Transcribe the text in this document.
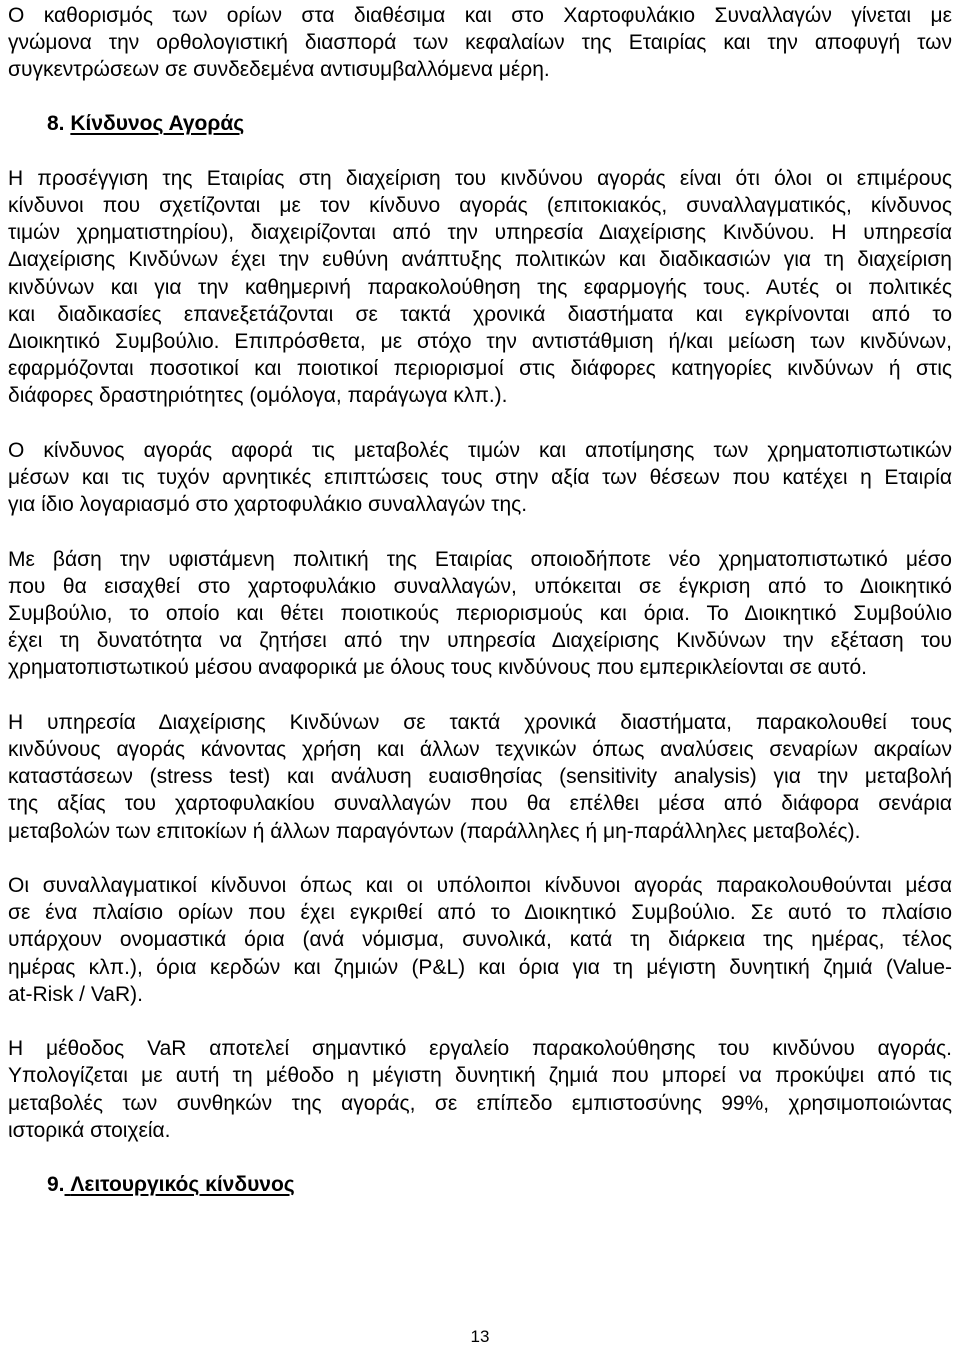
Ο καθορισμός των ορίων στα διαθέσιμα και στο Χαρτοφυλάκιο Συναλλαγών γίνεται με
γνώμονα την ορθολογιστική διασπορά των κεφαλαίων της Εταιρίας και την αποφυγή των
συγκεντρώσεων σε συνδεδεμένα αντισυμβαλλόμενα μέρη.
8. Κίνδυνος Αγοράς
Η προσέγγιση της Εταιρίας στη διαχείριση του κινδύνου αγοράς είναι ότι όλοι οι επιμέρους
κίνδυνοι που σχετίζονται με τον κίνδυνο αγοράς (επιτοκιακός, συναλλαγματικός, κίνδυνος
τιμών χρηματιστηρίου), διαχειρίζονται από την υπηρεσία Διαχείρισης Κινδύνου. Η υπηρεσία
Διαχείρισης Κινδύνων έχει την ευθύνη ανάπτυξης πολιτικών και διαδικασιών για τη διαχείριση
κινδύνων και για την καθημερινή παρακολούθηση της εφαρμογής τους. Αυτές οι πολιτικές
και διαδικασίες επανεξετάζονται σε τακτά χρονικά διαστήματα και εγκρίνονται από το
Διοικητικό Συμβούλιο. Επιπρόσθετα, με στόχο την αντιστάθμιση ή/και μείωση των κινδύνων,
εφαρμόζονται ποσοτικοί και ποιοτικοί περιορισμοί στις διάφορες κατηγορίες κινδύνων ή στις
διάφορες δραστηριότητες (ομόλογα, παράγωγα κλπ.).
Ο κίνδυνος αγοράς αφορά τις μεταβολές τιμών και αποτίμησης των χρηματοπιστωτικών
μέσων και τις τυχόν αρνητικές επιπτώσεις τους στην αξία των θέσεων που κατέχει η Εταιρία
για ίδιο λογαριασμό στο χαρτοφυλάκιο συναλλαγών της.
Με βάση την υφιστάμενη πολιτική της Εταιρίας οποιοδήποτε νέο χρηματοπιστωτικό μέσο
που θα εισαχθεί στο χαρτοφυλάκιο συναλλαγών, υπόκειται σε έγκριση από το Διοικητικό
Συμβούλιο, το οποίο και θέτει ποιοτικούς περιορισμούς και όρια. Το Διοικητικό Συμβούλιο
έχει τη δυνατότητα να ζητήσει από την υπηρεσία Διαχείρισης Κινδύνων την εξέταση του
χρηματοπιστωτικού μέσου αναφορικά με όλους τους κινδύνους που εμπερικλείονται σε αυτό.
Η υπηρεσία Διαχείρισης Κινδύνων σε τακτά χρονικά διαστήματα, παρακολουθεί τους
κινδύνους αγοράς κάνοντας χρήση και άλλων τεχνικών όπως αναλύσεις σεναρίων ακραίων
καταστάσεων (stress test) και ανάλυση ευαισθησίας (sensitivity analysis) για την μεταβολή
της αξίας του χαρτοφυλακίου συναλλαγών που θα επέλθει μέσα από διάφορα σενάρια
μεταβολών των επιτοκίων ή άλλων παραγόντων (παράλληλες ή μη-παράλληλες μεταβολές).
Οι συναλλαγματικοί κίνδυνοι όπως και οι υπόλοιποι κίνδυνοι αγοράς παρακολουθούνται μέσα
σε ένα πλαίσιο ορίων που έχει εγκριθεί από το Διοικητικό Συμβούλιο. Σε αυτό το πλαίσιο
υπάρχουν ονομαστικά όρια (ανά νόμισμα, συνολικά, κατά τη διάρκεια της ημέρας, τέλος
ημέρας κλπ.), όρια κερδών και ζημιών (P&L) και όρια για τη μέγιστη δυνητική ζημιά (Value-
at-Risk / VaR).
Η μέθοδος VaR αποτελεί σημαντικό εργαλείο παρακολούθησης του κινδύνου αγοράς.
Υπολογίζεται με αυτή τη μέθοδο η μέγιστη δυνητική ζημιά που μπορεί να προκύψει από τις
μεταβολές των συνθηκών της αγοράς, σε επίπεδο εμπιστοσύνης 99%, χρησιμοποιώντας
ιστορικά στοιχεία.
9. Λειτουργικός κίνδυνος
13
